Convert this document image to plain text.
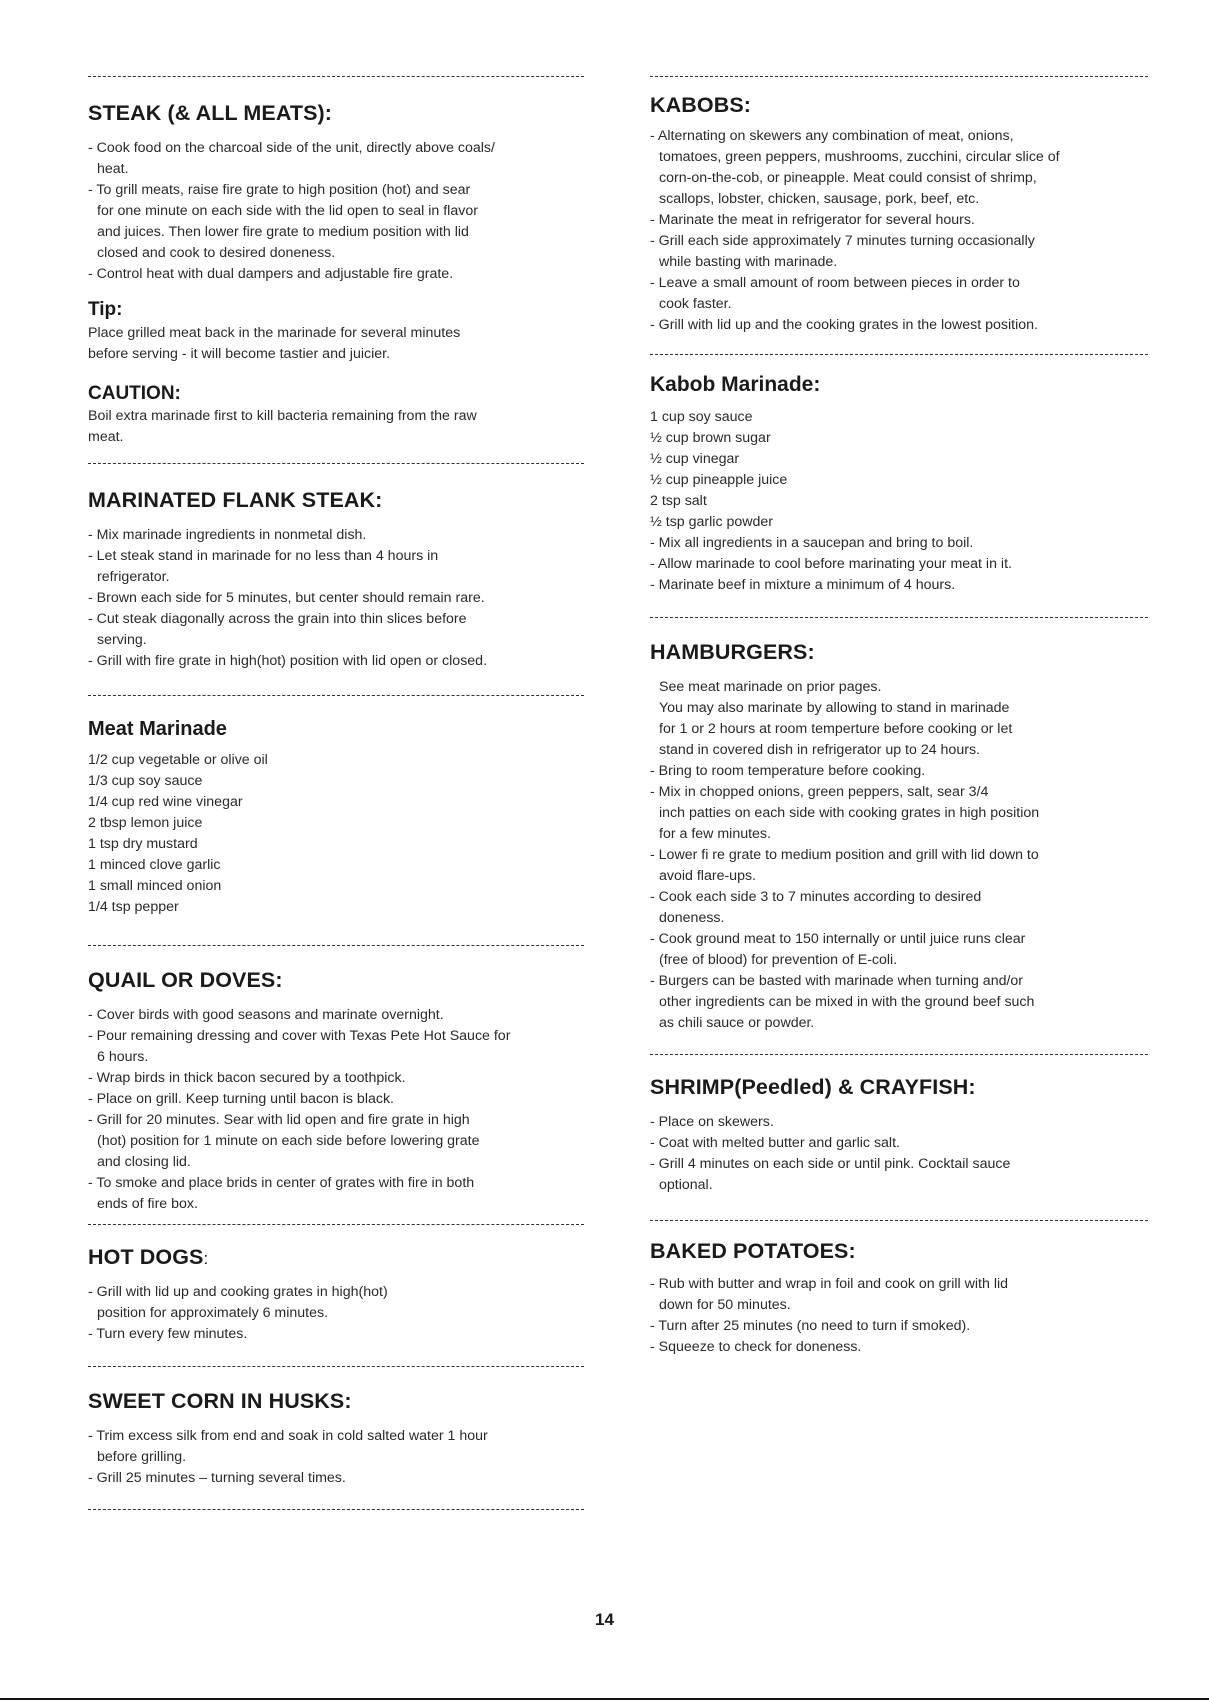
STEAK (& ALL MEATS):
- Cook food on the charcoal side of the unit, directly above coals/
heat.
- To grill meats, raise fire grate to high position (hot) and sear
for one minute on each side with the lid open to seal in flavor
and juices. Then lower fire grate to medium position with lid
closed and cook to desired doneness.
- Control heat with dual dampers and adjustable fire grate.
Tip:
Place grilled meat back in the marinade for several minutes
before serving - it will become tastier and juicier.
CAUTION:
Boil extra marinade first to kill bacteria remaining from the raw
meat.
MARINATED FLANK STEAK:
- Mix marinade ingredients in nonmetal dish.
- Let steak stand in marinade for no less than 4 hours in
refrigerator.
- Brown each side for 5 minutes, but center should remain rare.
- Cut steak diagonally across the grain into thin slices before
serving.
- Grill with fire grate in high(hot) position with lid open or closed.
Meat Marinade
1/2 cup vegetable or olive oil
1/3 cup soy sauce
1/4 cup red wine vinegar
2 tbsp lemon juice
1 tsp dry mustard
1 minced clove garlic
1 small minced onion
1/4 tsp pepper
QUAIL OR DOVES:
- Cover birds with good seasons and marinate overnight.
- Pour remaining dressing and cover with Texas Pete Hot Sauce for
6 hours.
- Wrap birds in thick bacon secured by a toothpick.
- Place on grill. Keep turning until bacon is black.
- Grill for 20 minutes. Sear with lid open and fire grate in high
(hot) position for 1 minute on each side before lowering grate
and closing lid.
- To smoke and place brids in center of grates with fire in both
ends of fire box.
HOT DOGS:
- Grill with lid up and cooking grates in high(hot)
position for approximately 6 minutes.
- Turn every few minutes.
SWEET CORN IN HUSKS:
- Trim excess silk from end and soak in cold salted water 1 hour
before grilling.
- Grill 25 minutes – turning several times.
KABOBS:
- Alternating on skewers any combination of meat, onions,
tomatoes, green peppers, mushrooms, zucchini, circular slice of
corn-on-the-cob, or pineapple. Meat could consist of shrimp,
scallops, lobster, chicken, sausage, pork, beef, etc.
- Marinate the meat in refrigerator for several hours.
- Grill each side approximately 7 minutes turning occasionally
while basting with marinade.
- Leave a small amount of room between pieces in order to
cook faster.
- Grill with lid up and the cooking grates in the lowest position.
Kabob Marinade:
1 cup soy sauce
½ cup brown sugar
½ cup vinegar
½ cup pineapple juice
2 tsp salt
½ tsp garlic powder
- Mix all ingredients in a saucepan and bring to boil.
- Allow marinade to cool before marinating your meat in it.
- Marinate beef in mixture a minimum of 4 hours.
HAMBURGERS:
See meat marinade on prior pages.
You may also marinate by allowing to stand in marinade
for 1 or 2 hours at room temperture before cooking or let
stand in covered dish in refrigerator up to 24 hours.
- Bring to room temperature before cooking.
- Mix in chopped onions, green peppers, salt, sear 3/4
inch patties on each side with cooking grates in high position
for a few minutes.
- Lower fi re grate to medium position and grill with lid down to
avoid flare-ups.
- Cook each side 3 to 7 minutes according to desired
doneness.
- Cook ground meat to 150 internally or until juice runs clear
(free of blood) for prevention of E-coli.
- Burgers can be basted with marinade when turning and/or
other ingredients can be mixed in with the ground beef such
as chili sauce or powder.
SHRIMP(Peedled) & CRAYFISH:
- Place on skewers.
- Coat with melted butter and garlic salt.
- Grill 4 minutes on each side or until pink. Cocktail sauce
optional.
BAKED POTATOES:
- Rub with butter and wrap in foil and cook on grill with lid
down for 50 minutes.
- Turn after 25 minutes (no need to turn if smoked).
- Squeeze to check for doneness.
14
